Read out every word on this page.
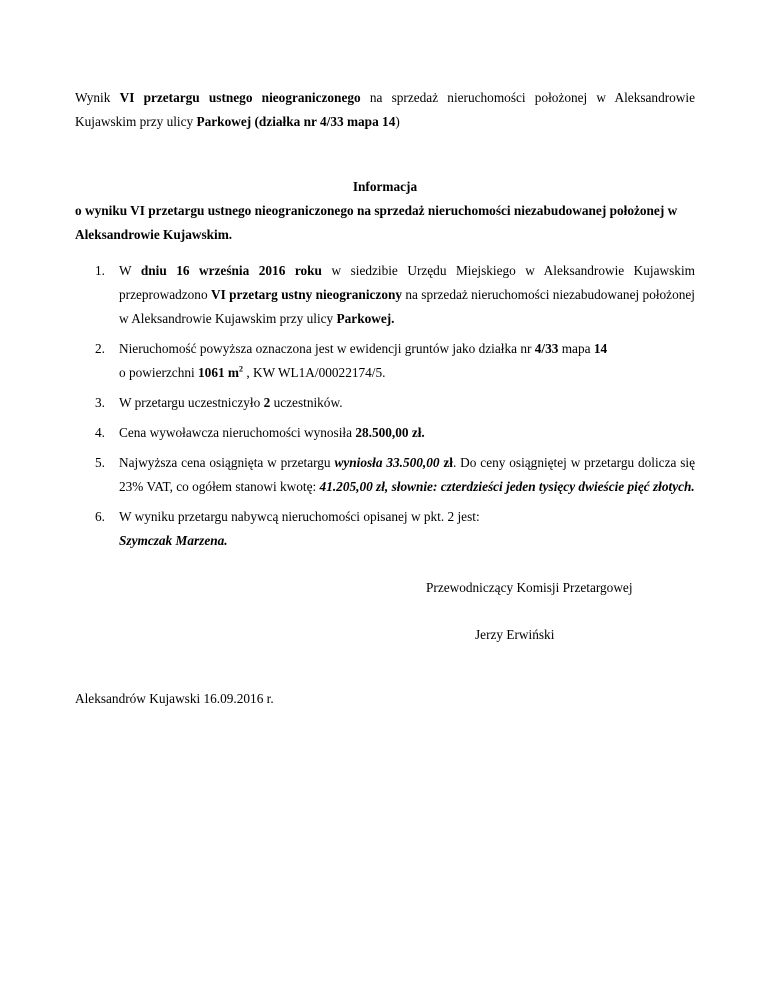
Wynik VI przetargu ustnego nieograniczonego na sprzedaż nieruchomości położonej w Aleksandrowie Kujawskim przy ulicy Parkowej (działka nr 4/33 mapa 14)

Informacja
o wyniku VI przetargu ustnego nieograniczonego na sprzedaż nieruchomości niezabudowanej położonej w Aleksandrowie Kujawskim.
1. W dniu 16 września 2016 roku w siedzibie Urzędu Miejskiego w Aleksandrowie Kujawskim przeprowadzono VI przetarg ustny nieograniczony na sprzedaż nieruchomości niezabudowanej położonej w Aleksandrowie Kujawskim przy ulicy Parkowej.
2. Nieruchomość powyższa oznaczona jest w ewidencji gruntów jako działka nr 4/33 mapa 14
o powierzchni 1061 $m^2$ , KW WL1A/00022174/5.
3. W przetargu uczestniczyło 2 uczestników.
4. Cena wywoławcza nieruchomości wynosiła 28.500,00 zł.
5. Najwyższa cena osiągnięta w przetargu wyniosła 33.500,00 zł. Do ceny osiągniętej w przetargu dolicza się 23% VAT, co ogółem stanowi kwotę: 41.205,00 zł, słownie: czterdzieści jeden tysięcy dwieście pięć złotych.
6. W wyniku przetargu nabywcą nieruchomości opisanej w pkt. 2 jest:
Szymczak Marzena.

Przewodniczący Komisji Przetargowej

Jerzy Erwiński

Aleksandrów Kujawski 16.09.2016 r.
